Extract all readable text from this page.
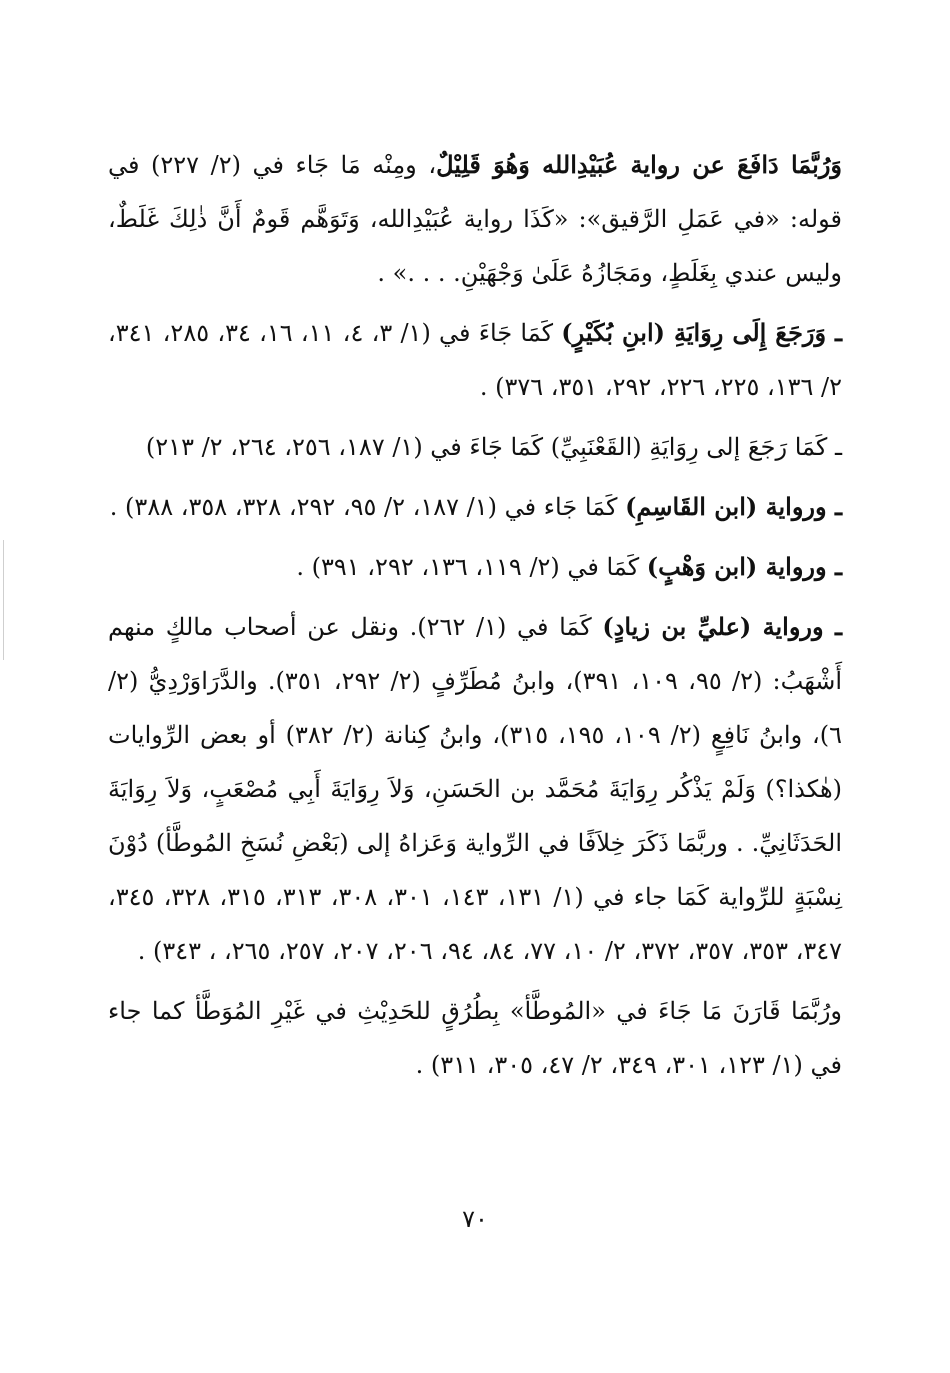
وَرُبَّمَا دَافَعَ عن رواية عُبَيْدِالله وَهُوَ قَلِيْلٌ، ومِنْه مَا جَاء في (٢/ ٢٢٧) في قوله: «في عَمَلِ الرَّقيق»: «كَذَا رواية عُبَيْدِالله، وَتَوَهَّم قَومٌ أَنَّ ذٰلِكَ غَلَطٌ، وليس عندي بِغَلَطٍ، ومَجَازُهُ عَلَىٰ وَجْهَيْنِ. . . .» .

ـ وَرَجَعَ إِلَى رِوَايَةِ (ابنِ بُكَيْرٍ) كَمَا جَاءَ في (١/ ٣، ٤، ١١، ١٦، ٣٤، ٢٨٥، ٣٤١، ٢/ ١٣٦، ٢٢٥، ٢٢٦، ٢٩٢، ٣٥١، ٣٧٦) .

ـ كَمَا رَجَعَ إلى رِوَايَةِ (القَعْنَبِيِّ) كَمَا جَاءَ في (١/ ١٨٧، ٢٥٦، ٢٦٤، ٢/ ٢١٣)

ـ ورواية (ابن القَاسِمِ) كَمَا جَاء في (١/ ١٨٧، ٢/ ٩٥، ٢٩٢، ٣٢٨، ٣٥٨، ٣٨٨) .

ـ ورواية (ابن وَهْبٍ) كَمَا في (٢/ ١١٩، ١٣٦، ٢٩٢، ٣٩١) .

ـ ورواية (عليِّ بن زيادٍ) كَمَا في (١/ ٢٦٢). ونقل عن أصحاب مالكٍ منهم أَشْهَبُ: (٢/ ٩٥، ١٠٩، ٣٩١)، وابنُ مُطَرِّفٍ (٢/ ٢٩٢، ٣٥١). والدَّرَاوَرْدِيُّ (٢/ ٦)، وابنُ نَافِعٍ (٢/ ١٠٩، ١٩٥، ٣١٥)، وابنُ كِنانة (٢/ ٣٨٢) أو بعض الرِّوايات (هٰكذا؟) وَلَمْ يَذْكُر رِوَايَةَ مُحَمَّد بن الحَسَنِ، وَلاَ رِوَايَةَ أَبِي مُصْعَبٍ، وَلاَ رِوَايَةَ الحَدَثَانِيِّ. . وربَّمَا ذَكَرَ خِلاَفًا في الرِّواية وَعَزاهُ إلى (بَعْضِ نُسَخِ المُوطَّأ) دُوْنَ نِسْبَةٍ للرِّواية كَمَا جاء في (١/ ١٣١، ١٤٣، ٣٠١، ٣٠٨، ٣١٣، ٣١٥، ٣٢٨، ٣٤٥، ٣٤٧، ٣٥٣، ٣٥٧، ٣٧٢، ٢/ ١٠، ٧٧، ٨٤، ٩٤، ٢٠٦، ٢٠٧، ٢٥٧، ٢٦٥، ، ٣٤٣) .

ورُبَّمَا قَارَنَ مَا جَاءَ في «المُوطَّأ» بِطُرُقٍ للحَدِيْثِ في غَيْرِ المُوَطَّأ كما جاء في (١/ ١٢٣، ٣٠١، ٣٤٩، ٢/ ٤٧، ٣٠٥، ٣١١) .

٧٠
